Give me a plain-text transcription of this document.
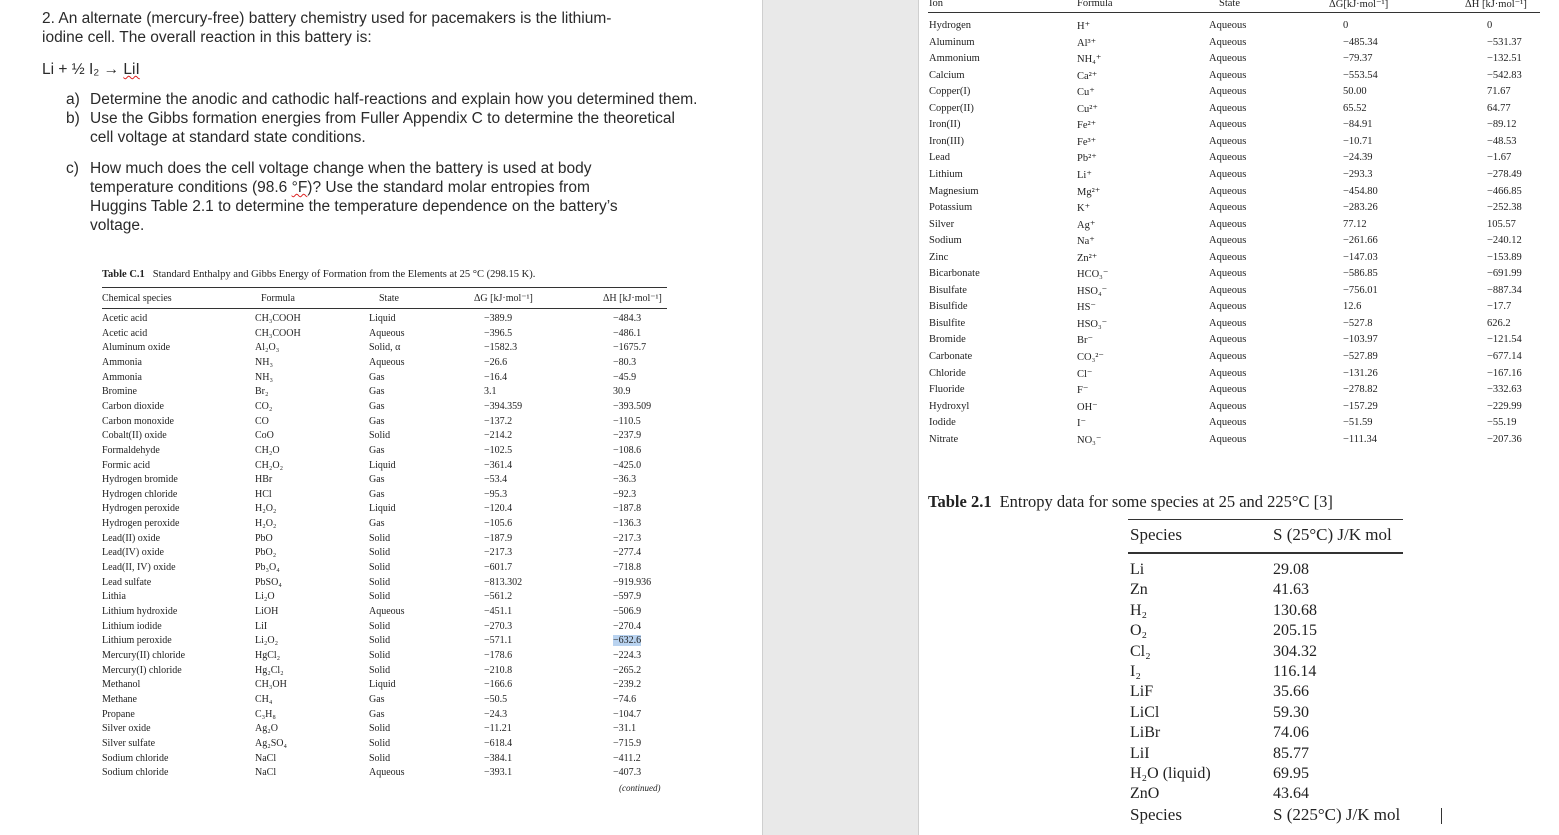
2. An alternate (mercury-free) battery chemistry used for pacemakers is the lithium-
iodine cell. The overall reaction in this battery is:
Li + ½ I₂ → LiI
a) Determine the anodic and cathodic half-reactions and explain how you determined them.
b) Use the Gibbs formation energies from Fuller Appendix C to determine the theoretical
cell voltage at standard state conditions.
c) How much does the cell voltage change when the battery is used at body
temperature conditions (98.6 °F)? Use the standard molar entropies from
Huggins Table 2.1 to determine the temperature dependence on the battery’s
voltage.
Table C.1 Standard Enthalpy and Gibbs Energy of Formation from the Elements at 25 °C (298.15 K).
Chemical species	Formula	State	ΔG [kJ·mol⁻¹]	ΔH [kJ·mol⁻¹]
Acetic acid	CH₃COOH	Liquid	−389.9	−484.3
Acetic acid	CH₃COOH	Aqueous	−396.5	−486.1
Aluminum oxide	Al₂O₃	Solid, α	−1582.3	−1675.7
Ammonia	NH₃	Aqueous	−26.6	−80.3
Ammonia	NH₃	Gas	−16.4	−45.9
Bromine	Br₂	Gas	3.1	30.9
Carbon dioxide	CO₂	Gas	−394.359	−393.509
Carbon monoxide	CO	Gas	−137.2	−110.5
Cobalt(II) oxide	CoO	Solid	−214.2	−237.9
Formaldehyde	CH₂O	Gas	−102.5	−108.6
Formic acid	CH₂O₂	Liquid	−361.4	−425.0
Hydrogen bromide	HBr	Gas	−53.4	−36.3
Hydrogen chloride	HCl	Gas	−95.3	−92.3
Hydrogen peroxide	H₂O₂	Liquid	−120.4	−187.8
Hydrogen peroxide	H₂O₂	Gas	−105.6	−136.3
Lead(II) oxide	PbO	Solid	−187.9	−217.3
Lead(IV) oxide	PbO₂	Solid	−217.3	−277.4
Lead(II, IV) oxide	Pb₃O₄	Solid	−601.7	−718.8
Lead sulfate	PbSO₄	Solid	−813.302	−919.936
Lithia	Li₂O	Solid	−561.2	−597.9
Lithium hydroxide	LiOH	Aqueous	−451.1	−506.9
Lithium iodide	LiI	Solid	−270.3	−270.4
Lithium peroxide	Li₂O₂	Solid	−571.1	−632.6
Mercury(II) chloride	HgCl₂	Solid	−178.6	−224.3
Mercury(I) chloride	Hg₂Cl₂	Solid	−210.8	−265.2
Methanol	CH₃OH	Liquid	−166.6	−239.2
Methane	CH₄	Gas	−50.5	−74.6
Propane	C₃H₈	Gas	−24.3	−104.7
Silver oxide	Ag₂O	Solid	−11.21	−31.1
Silver sulfate	Ag₂SO₄	Solid	−618.4	−715.9
Sodium chloride	NaCl	Solid	−384.1	−411.2
Sodium chloride	NaCl	Aqueous	−393.1	−407.3
(continued)
Ion	Formula	State	ΔG[kJ·mol⁻¹]	ΔH [kJ·mol⁻¹]
Hydrogen	H⁺	Aqueous	0	0
Aluminum	Al³⁺	Aqueous	−485.34	−531.37
Ammonium	NH₄⁺	Aqueous	−79.37	−132.51
Calcium	Ca²⁺	Aqueous	−553.54	−542.83
Copper(I)	Cu⁺	Aqueous	50.00	71.67
Copper(II)	Cu²⁺	Aqueous	65.52	64.77
Iron(II)	Fe²⁺	Aqueous	−84.91	−89.12
Iron(III)	Fe³⁺	Aqueous	−10.71	−48.53
Lead	Pb²⁺	Aqueous	−24.39	−1.67
Lithium	Li⁺	Aqueous	−293.3	−278.49
Magnesium	Mg²⁺	Aqueous	−454.80	−466.85
Potassium	K⁺	Aqueous	−283.26	−252.38
Silver	Ag⁺	Aqueous	77.12	105.57
Sodium	Na⁺	Aqueous	−261.66	−240.12
Zinc	Zn²⁺	Aqueous	−147.03	−153.89
Bicarbonate	HCO₃⁻	Aqueous	−586.85	−691.99
Bisulfate	HSO₄⁻	Aqueous	−756.01	−887.34
Bisulfide	HS⁻	Aqueous	12.6	−17.7
Bisulfite	HSO₃⁻	Aqueous	−527.8	626.2
Bromide	Br⁻	Aqueous	−103.97	−121.54
Carbonate	CO₃²⁻	Aqueous	−527.89	−677.14
Chloride	Cl⁻	Aqueous	−131.26	−167.16
Fluoride	F⁻	Aqueous	−278.82	−332.63
Hydroxyl	OH⁻	Aqueous	−157.29	−229.99
Iodide	I⁻	Aqueous	−51.59	−55.19
Nitrate	NO₃⁻	Aqueous	−111.34	−207.36
Table 2.1 Entropy data for some species at 25 and 225°C [3]
Species	S (25°C) J/K mol
Li	29.08
Zn	41.63
H₂	130.68
O₂	205.15
Cl₂	304.32
I₂	116.14
LiF	35.66
LiCl	59.30
LiBr	74.06
LiI	85.77
H₂O (liquid)	69.95
ZnO	43.64
Species	S (225°C) J/K mol
